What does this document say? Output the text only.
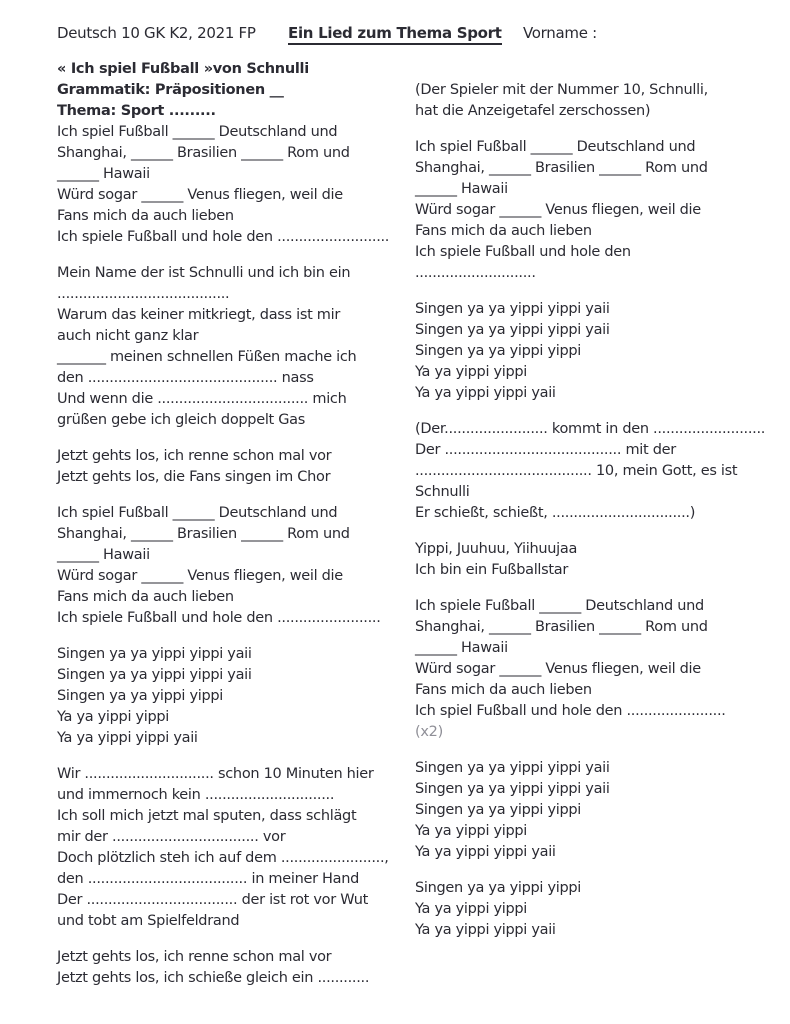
Deutsch 10 GK K2, 2021 FP Ein Lied zum Thema Sport Vorname :
« Ich spiel Fußball »von Schnulli
Grammatik: Präpositionen __
Thema: Sport .........
Ich spiel Fußball ______ Deutschland und
Shanghai, ______ Brasilien ______ Rom und
______ Hawaii
Würd sogar ______ Venus fliegen, weil die
Fans mich da auch lieben
Ich spiele Fußball und hole den ..........................
Mein Name der ist Schnulli und ich bin ein
........................................
Warum das keiner mitkriegt, dass ist mir
auch nicht ganz klar
_______ meinen schnellen Füßen mache ich
den ............................................ nass
Und wenn die ................................... mich
grüßen gebe ich gleich doppelt Gas
Jetzt gehts los, ich renne schon mal vor
Jetzt gehts los, die Fans singen im Chor
Ich spiel Fußball ______ Deutschland und
Shanghai, ______ Brasilien ______ Rom und
______ Hawaii
Würd sogar ______ Venus fliegen, weil die
Fans mich da auch lieben
Ich spiele Fußball und hole den ........................
Singen ya ya yippi yippi yaii
Singen ya ya yippi yippi yaii
Singen ya ya yippi yippi
Ya ya yippi yippi
Ya ya yippi yippi yaii
Wir .............................. schon 10 Minuten hier
und immernoch kein ..............................
Ich soll mich jetzt mal sputen, dass schlägt
mir der .................................. vor
Doch plötzlich steh ich auf dem ........................,
den ..................................... in meiner Hand
Der ................................... der ist rot vor Wut
und tobt am Spielfeldrand
Jetzt gehts los, ich renne schon mal vor
Jetzt gehts los, ich schieße gleich ein ............
(Der Spieler mit der Nummer 10, Schnulli,
hat die Anzeigetafel zerschossen)
Ich spiel Fußball ______ Deutschland und
Shanghai, ______ Brasilien ______ Rom und
______ Hawaii
Würd sogar ______ Venus fliegen, weil die
Fans mich da auch lieben
Ich spiele Fußball und hole den
............................
Singen ya ya yippi yippi yaii
Singen ya ya yippi yippi yaii
Singen ya ya yippi yippi
Ya ya yippi yippi
Ya ya yippi yippi yaii
(Der........................ kommt in den ..........................
Der ......................................... mit der
......................................... 10, mein Gott, es ist
Schnulli
Er schießt, schießt, ................................)
Yippi, Juuhuu, Yiihuujaa
Ich bin ein Fußballstar
Ich spiele Fußball ______ Deutschland und
Shanghai, ______ Brasilien ______ Rom und
______ Hawaii
Würd sogar ______ Venus fliegen, weil die
Fans mich da auch lieben
Ich spiel Fußball und hole den .......................
(x2)
Singen ya ya yippi yippi yaii
Singen ya ya yippi yippi yaii
Singen ya ya yippi yippi
Ya ya yippi yippi
Ya ya yippi yippi yaii
Singen ya ya yippi yippi
Ya ya yippi yippi
Ya ya yippi yippi yaii
